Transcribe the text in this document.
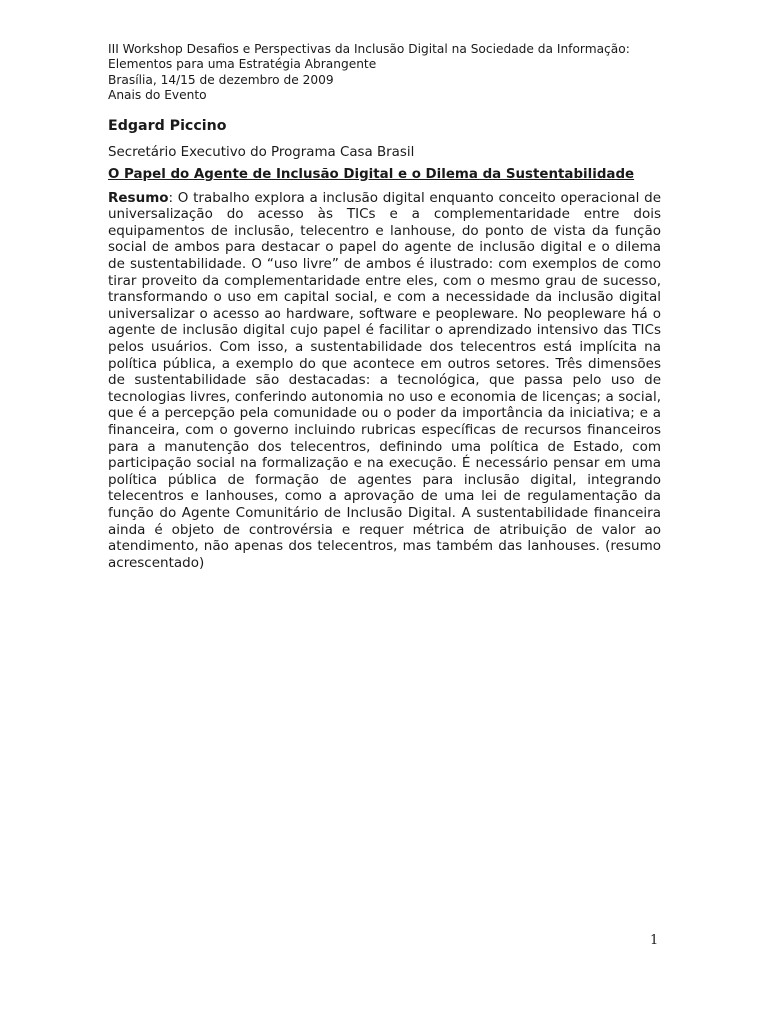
III Workshop Desafios e Perspectivas da Inclusão Digital na Sociedade da Informação:

Elementos para uma Estratégia Abrangente

Brasília, 14/15 de dezembro de 2009

Anais do Evento

Edgard Piccino

Secretário Executivo do Programa Casa Brasil

O Papel do Agente de Inclusão Digital e o Dilema da Sustentabilidade

Resumo: O trabalho explora a inclusão digital enquanto conceito operacional de universalização do acesso às TICs e a complementaridade entre dois equipamentos de inclusão, telecentro e lanhouse, do ponto de vista da função social de ambos para destacar o papel do agente de inclusão digital e o dilema de sustentabilidade. O “uso livre” de ambos é ilustrado: com exemplos de como tirar proveito da complementaridade entre eles, com o mesmo grau de sucesso, transformando o uso em capital social, e com a necessidade da inclusão digital universalizar o acesso ao hardware, software e peopleware. No peopleware há o agente de inclusão digital cujo papel é facilitar o aprendizado intensivo das TICs pelos usuários. Com isso, a sustentabilidade dos telecentros está implícita na política pública, a exemplo do que acontece em outros setores. Três dimensões de sustentabilidade são destacadas: a tecnológica, que passa pelo uso de tecnologias livres, conferindo autonomia no uso e economia de licenças; a social, que é a percepção pela comunidade ou o poder da importância da iniciativa; e a financeira, com o governo incluindo rubricas específicas de recursos financeiros para a manutenção dos telecentros, definindo uma política de Estado, com participação social na formalização e na execução. É necessário pensar em uma política pública de formação de agentes para inclusão digital, integrando telecentros e lanhouses, como a aprovação de uma lei de regulamentação da função do Agente Comunitário de Inclusão Digital. A sustentabilidade financeira ainda é objeto de controvérsia e requer métrica de atribuição de valor ao atendimento, não apenas dos telecentros, mas também das lanhouses. (resumo acrescentado)

1
